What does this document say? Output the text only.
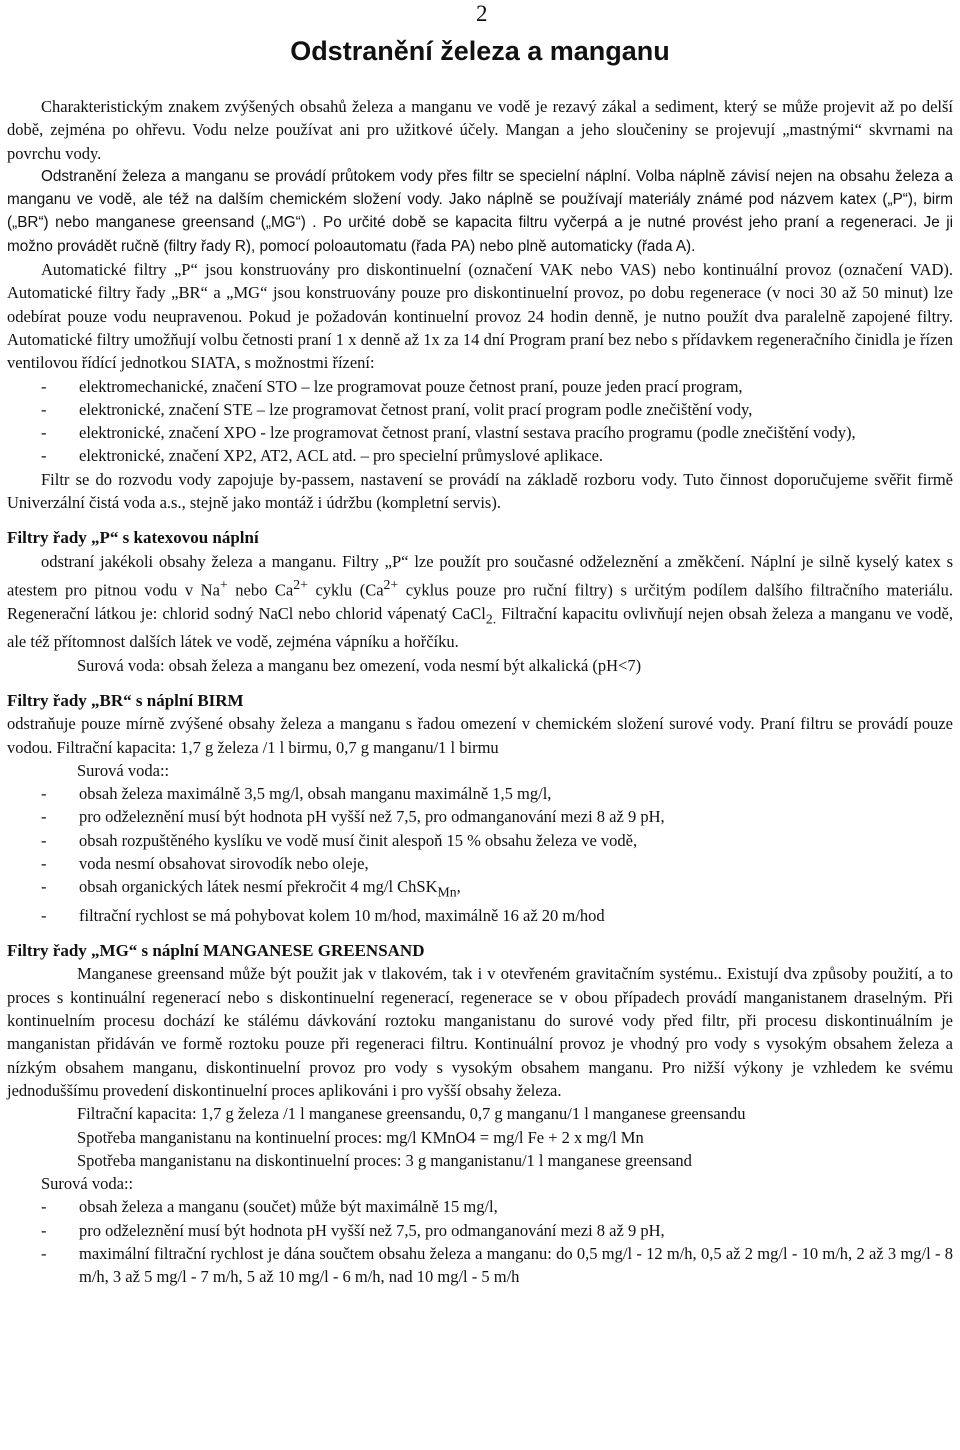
2
Odstranění železa a manganu

Charakteristickým znakem zvýšených obsahů železa a manganu ve vodě je rezavý zákal a sediment, který se může projevit až po delší době, zejména po ohřevu. Vodu nelze používat ani pro užitkové účely. Mangan a jeho sloučeniny se projevují „mastnými“ skvrnami na povrchu vody.

Odstranění železa a manganu se provádí průtokem vody přes filtr se specielní náplní. Volba náplně závisí nejen na obsahu železa a manganu ve vodě, ale též na dalším chemickém složení vody. Jako náplně se používají materiály známé pod názvem katex („P“), birm („BR“) nebo manganese greensand („MG“) . Po určité době se kapacita filtru vyčerpá a je nutné provést jeho praní a regeneraci. Je ji možno provádět ručně (filtry řady R), pomocí poloautomatu (řada PA) nebo plně automaticky (řada A).

Automatické filtry „P“ jsou konstruovány pro diskontinuelní (označení VAK nebo VAS) nebo kontinuální provoz (označení VAD). Automatické filtry řady „BR“ a „MG“ jsou konstruovány pouze pro diskontinuelní provoz, po dobu regenerace (v noci 30 až 50 minut) lze odebírat pouze vodu neupravenou. Pokud je požadován kontinuelní provoz 24 hodin denně, je nutno použít dva paralelně zapojené filtry. Automatické filtry umožňují volbu četnosti praní 1 x denně až 1x za 14 dní Program praní bez nebo s přídavkem regeneračního činidla je řízen ventilovou řídící jednotkou SIATA, s možnostmi řízení:

- elektromechanické, značení STO – lze programovat pouze četnost praní, pouze jeden prací program,
- elektronické, značení STE – lze programovat četnost praní, volit prací program podle znečištění vody,
- elektronické, značení XPO - lze programovat četnost praní, vlastní sestava pracího programu (podle znečištění vody),
- elektronické, značení XP2, AT2, ACL atd. – pro specielní průmyslové aplikace.

Filtr se do rozvodu vody zapojuje by-passem, nastavení se provádí na základě rozboru vody. Tuto činnost doporučujeme svěřit firmě Univerzální čistá voda a.s., stejně jako montáž i údržbu (kompletní servis).

Filtry řady „P“ s katexovou náplní

odstraní jakékoli obsahy železa a manganu. Filtry „P“ lze použít pro současné odželeznění a změkčení. Náplní je silně kyselý katex s atestem pro pitnou vodu v Na+ nebo $Ca^{2+}$ cyklu ($Ca^{2+}$ cyklus pouze pro ruční filtry) s určitým podílem dalšího filtračního materiálu. Regenerační látkou je: chlorid sodný NaCl nebo chlorid vápenatý CaCl$_{2.}$ Filtrační kapacitu ovlivňují nejen obsah železa a manganu ve vodě, ale též přítomnost dalších látek ve vodě, zejména vápníku a hořčíku.

Surová voda: obsah železa a manganu bez omezení, voda nesmí být alkalická (pH<7)

Filtry řady „BR“ s náplní BIRM

odstraňuje pouze mírně zvýšené obsahy železa a manganu s řadou omezení v chemickém složení surové vody. Praní filtru se provádí pouze vodou. Filtrační kapacita: 1,7 g železa /1 l birmu, 0,7 g manganu/1 l birmu

Surová voda::

- obsah železa maximálně 3,5 mg/l, obsah manganu maximálně 1,5 mg/l,
- pro odželeznění musí být hodnota pH vyšší než 7,5, pro odmanganování mezi 8 až 9 pH,
- obsah rozpuštěného kyslíku ve vodě musí činit alespoň 15 % obsahu železa ve vodě,
- voda nesmí obsahovat sirovodík nebo oleje,
- obsah organických látek nesmí překročit 4 mg/l ChSK$_{Mn}$,
- filtrační rychlost se má pohybovat kolem 10 m/hod, maximálně 16 až 20 m/hod
Filtry řady „MG“ s náplní MANGANESE GREENSAND

Manganese greensand může být použit jak v tlakovém, tak i v otevřeném gravitačním systému.. Existují dva způsoby použití, a to proces s kontinuální regenerací nebo s diskontinuelní regenerací, regenerace se v obou případech provádí manganistanem draselným. Při kontinuelním procesu dochází ke stálému dávkování roztoku manganistanu do surové vody před filtr, při procesu diskontinuálním je manganistan přidáván ve formě roztoku pouze při regeneraci filtru. Kontinuální provoz je vhodný pro vody s vysokým obsahem železa a nízkým obsahem manganu, diskontinuelní provoz pro vody s vysokým obsahem manganu. Pro nižší výkony je vzhledem ke svému jednoduššímu provedení diskontinuelní proces aplikováni i pro vyšší obsahy železa.

Filtrační kapacita: 1,7 g železa /1 l manganese greensandu, 0,7 g manganu/1 l manganese greensandu

Spotřeba manganistanu na kontinuelní proces: mg/l KMnO4 = mg/l Fe + 2 x mg/l Mn

Spotřeba manganistanu na diskontinuelní proces: 3 g manganistanu/1 l manganese greensand

Surová voda::

- obsah železa a manganu (součet) může být maximálně 15 mg/l,
- pro odželeznění musí být hodnota pH vyšší než 7,5, pro odmanganování mezi 8 až 9 pH,
- maximální filtrační rychlost je dána součtem obsahu železa a manganu: do 0,5 mg/l - 12 m/h, 0,5 až 2 mg/l - 10 m/h, 2 až 3 mg/l - 8 m/h, 3 až 5 mg/l - 7 m/h, 5 až 10 mg/l - 6 m/h, nad 10 mg/l - 5 m/h
